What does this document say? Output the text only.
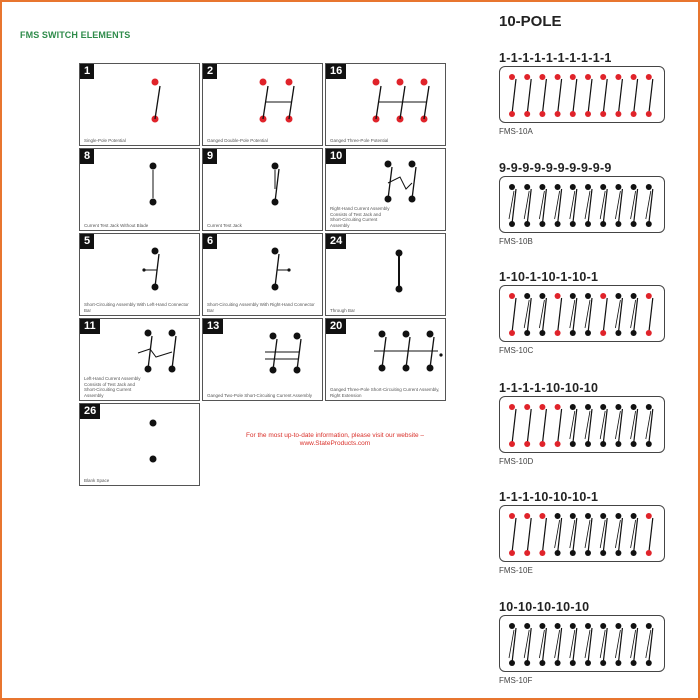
FMS SWITCH ELEMENTS
1
Single-Pole Potential
2
Ganged Double-Pole Potential
16
Ganged Three-Pole Potential
8
Current Test Jack Without Blade
9
Current Test Jack
10
Right-Hand Current Assembly Consists of Test Jack and Short-Circuiting Current Assembly
5
Short-Circuiting Assembly With Left-Hand Connector Bar
6
Short-Circuiting Assembly With Right-Hand Connector Bar
24
Through Bar
11
Left-Hand Current Assembly Consists of Test Jack and Short-Circuiting Current Assembly
13
Ganged Two-Pole Short-Circuiting Current Assembly
20
Ganged Three-Pole Short-Circuiting Current Assembly, Right Extension
26
Blank Space
For the most up-to-date information, please visit our website – www.StateProducts.com
10-POLE
1-1-1-1-1-1-1-1-1-1
FMS-10A
9-9-9-9-9-9-9-9-9-9
FMS-10B
1-10-1-10-1-10-1
FMS-10C
1-1-1-1-10-10-10
FMS-10D
1-1-1-10-10-10-1
FMS-10E
10-10-10-10-10
FMS-10F
